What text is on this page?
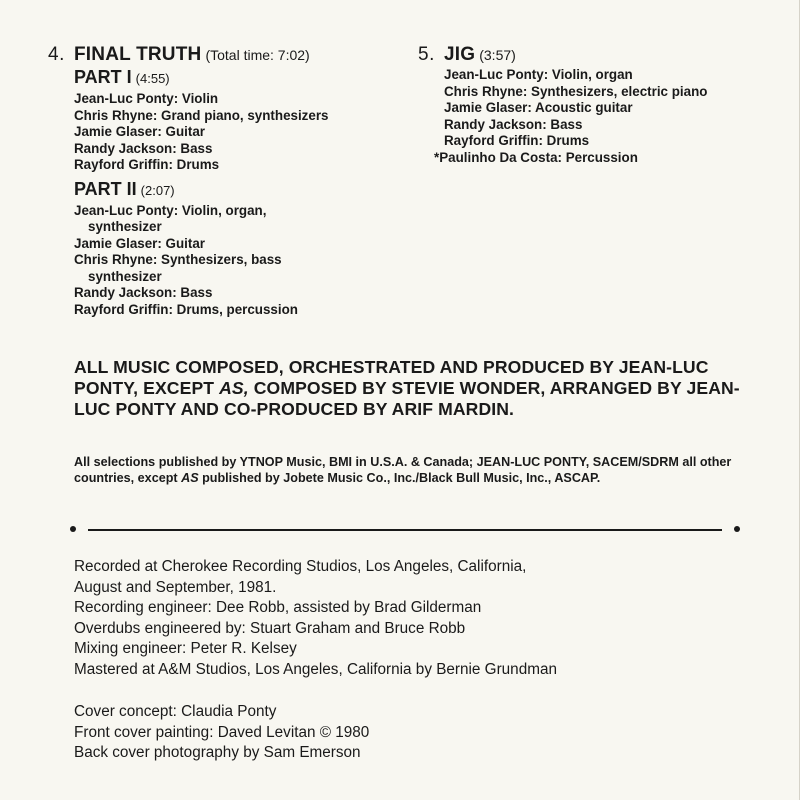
4. FINAL TRUTH (Total time: 7:02)
PART I (4:55)
Jean-Luc Ponty: Violin
Chris Rhyne: Grand piano, synthesizers
Jamie Glaser: Guitar
Randy Jackson: Bass
Rayford Griffin: Drums
PART II (2:07)
Jean-Luc Ponty: Violin, organ,
synthesizer
Jamie Glaser: Guitar
Chris Rhyne: Synthesizers, bass
synthesizer
Randy Jackson: Bass
Rayford Griffin: Drums, percussion
5. JIG (3:57)
Jean-Luc Ponty: Violin, organ
Chris Rhyne: Synthesizers, electric piano
Jamie Glaser: Acoustic guitar
Randy Jackson: Bass
Rayford Griffin: Drums
*Paulinho Da Costa: Percussion

ALL MUSIC COMPOSED, ORCHESTRATED AND PRODUCED BY JEAN-LUC PONTY, EXCEPT AS, COMPOSED BY STEVIE WONDER, ARRANGED BY JEAN-LUC PONTY AND CO-PRODUCED BY ARIF MARDIN.

All selections published by YTNOP Music, BMI in U.S.A. & Canada; JEAN-LUC PONTY, SACEM/SDRM all other countries, except AS published by Jobete Music Co., Inc./Black Bull Music, Inc., ASCAP.

Recorded at Cherokee Recording Studios, Los Angeles, California,
August and September, 1981.
Recording engineer: Dee Robb, assisted by Brad Gilderman
Overdubs engineered by: Stuart Graham and Bruce Robb
Mixing engineer: Peter R. Kelsey
Mastered at A&M Studios, Los Angeles, California by Bernie Grundman
Cover concept: Claudia Ponty
Front cover painting: Daved Levitan © 1980
Back cover photography by Sam Emerson
